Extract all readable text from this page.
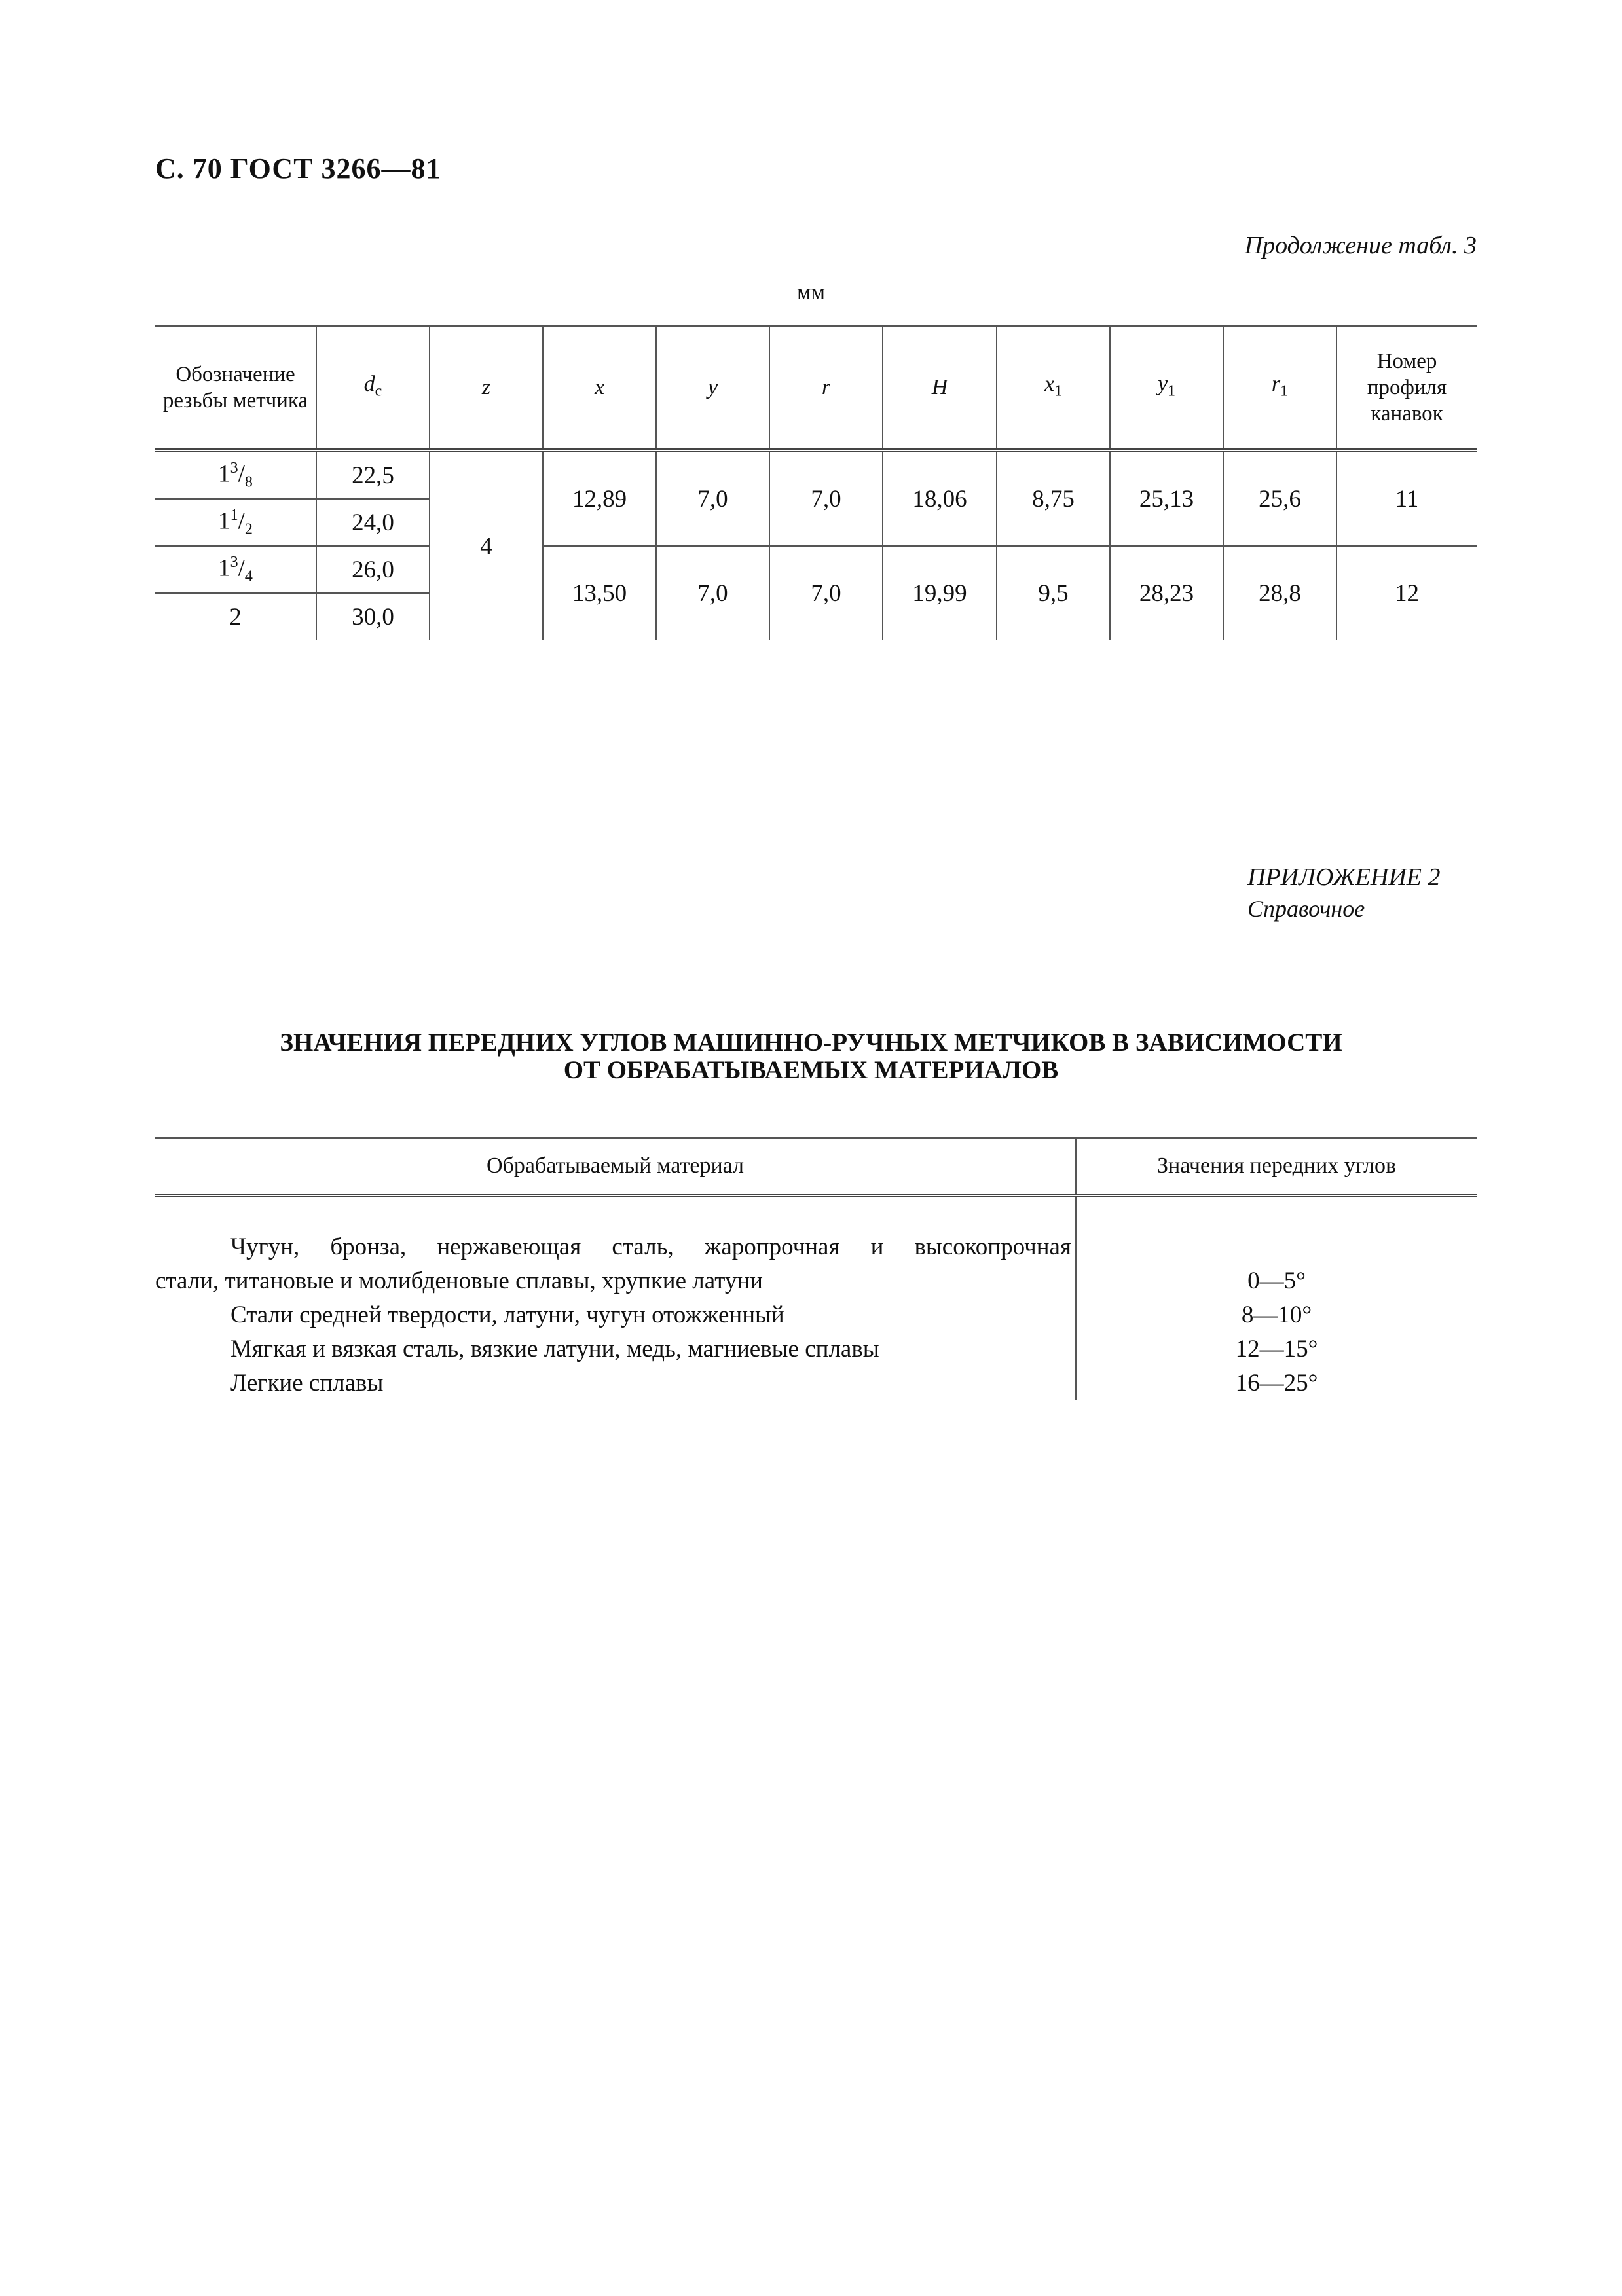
С. 70 ГОСТ 3266—81
Продолжение табл. 3
мм
Обозначение резьбы метчика	$d_с$	z	x	y	r	H	$x_1$	$y_1$	$r_1$	Номер профиля канавок
$1^3/_8$	22,5	4	12,89	7,0	7,0	18,06	8,75	25,13	25,6	11
$1^1/_2$	24,0									
$1^3/_4$	26,0		13,50	7,0	7,0	19,99	9,5	28,23	28,8	12
2	30,0									
ПРИЛОЖЕНИЕ 2
Справочное
ЗНАЧЕНИЯ ПЕРЕДНИХ УГЛОВ МАШИННО-РУЧНЫХ МЕТЧИКОВ В ЗАВИСИМОСТИ
ОТ ОБРАБАТЫВАЕМЫХ МАТЕРИАЛОВ
Обрабатываемый материал	Значения передних углов

Чугун, бронза, нержавеющая сталь, жаропрочная и высокопрочная
стали, титановые и молибденовые сплавы, хрупкие латуни	0—5°
Стали средней твердости, латуни, чугун отожженный	8—10°
Мягкая и вязкая сталь, вязкие латуни, медь, магниевые сплавы	12—15°
Легкие сплавы	16—25°
